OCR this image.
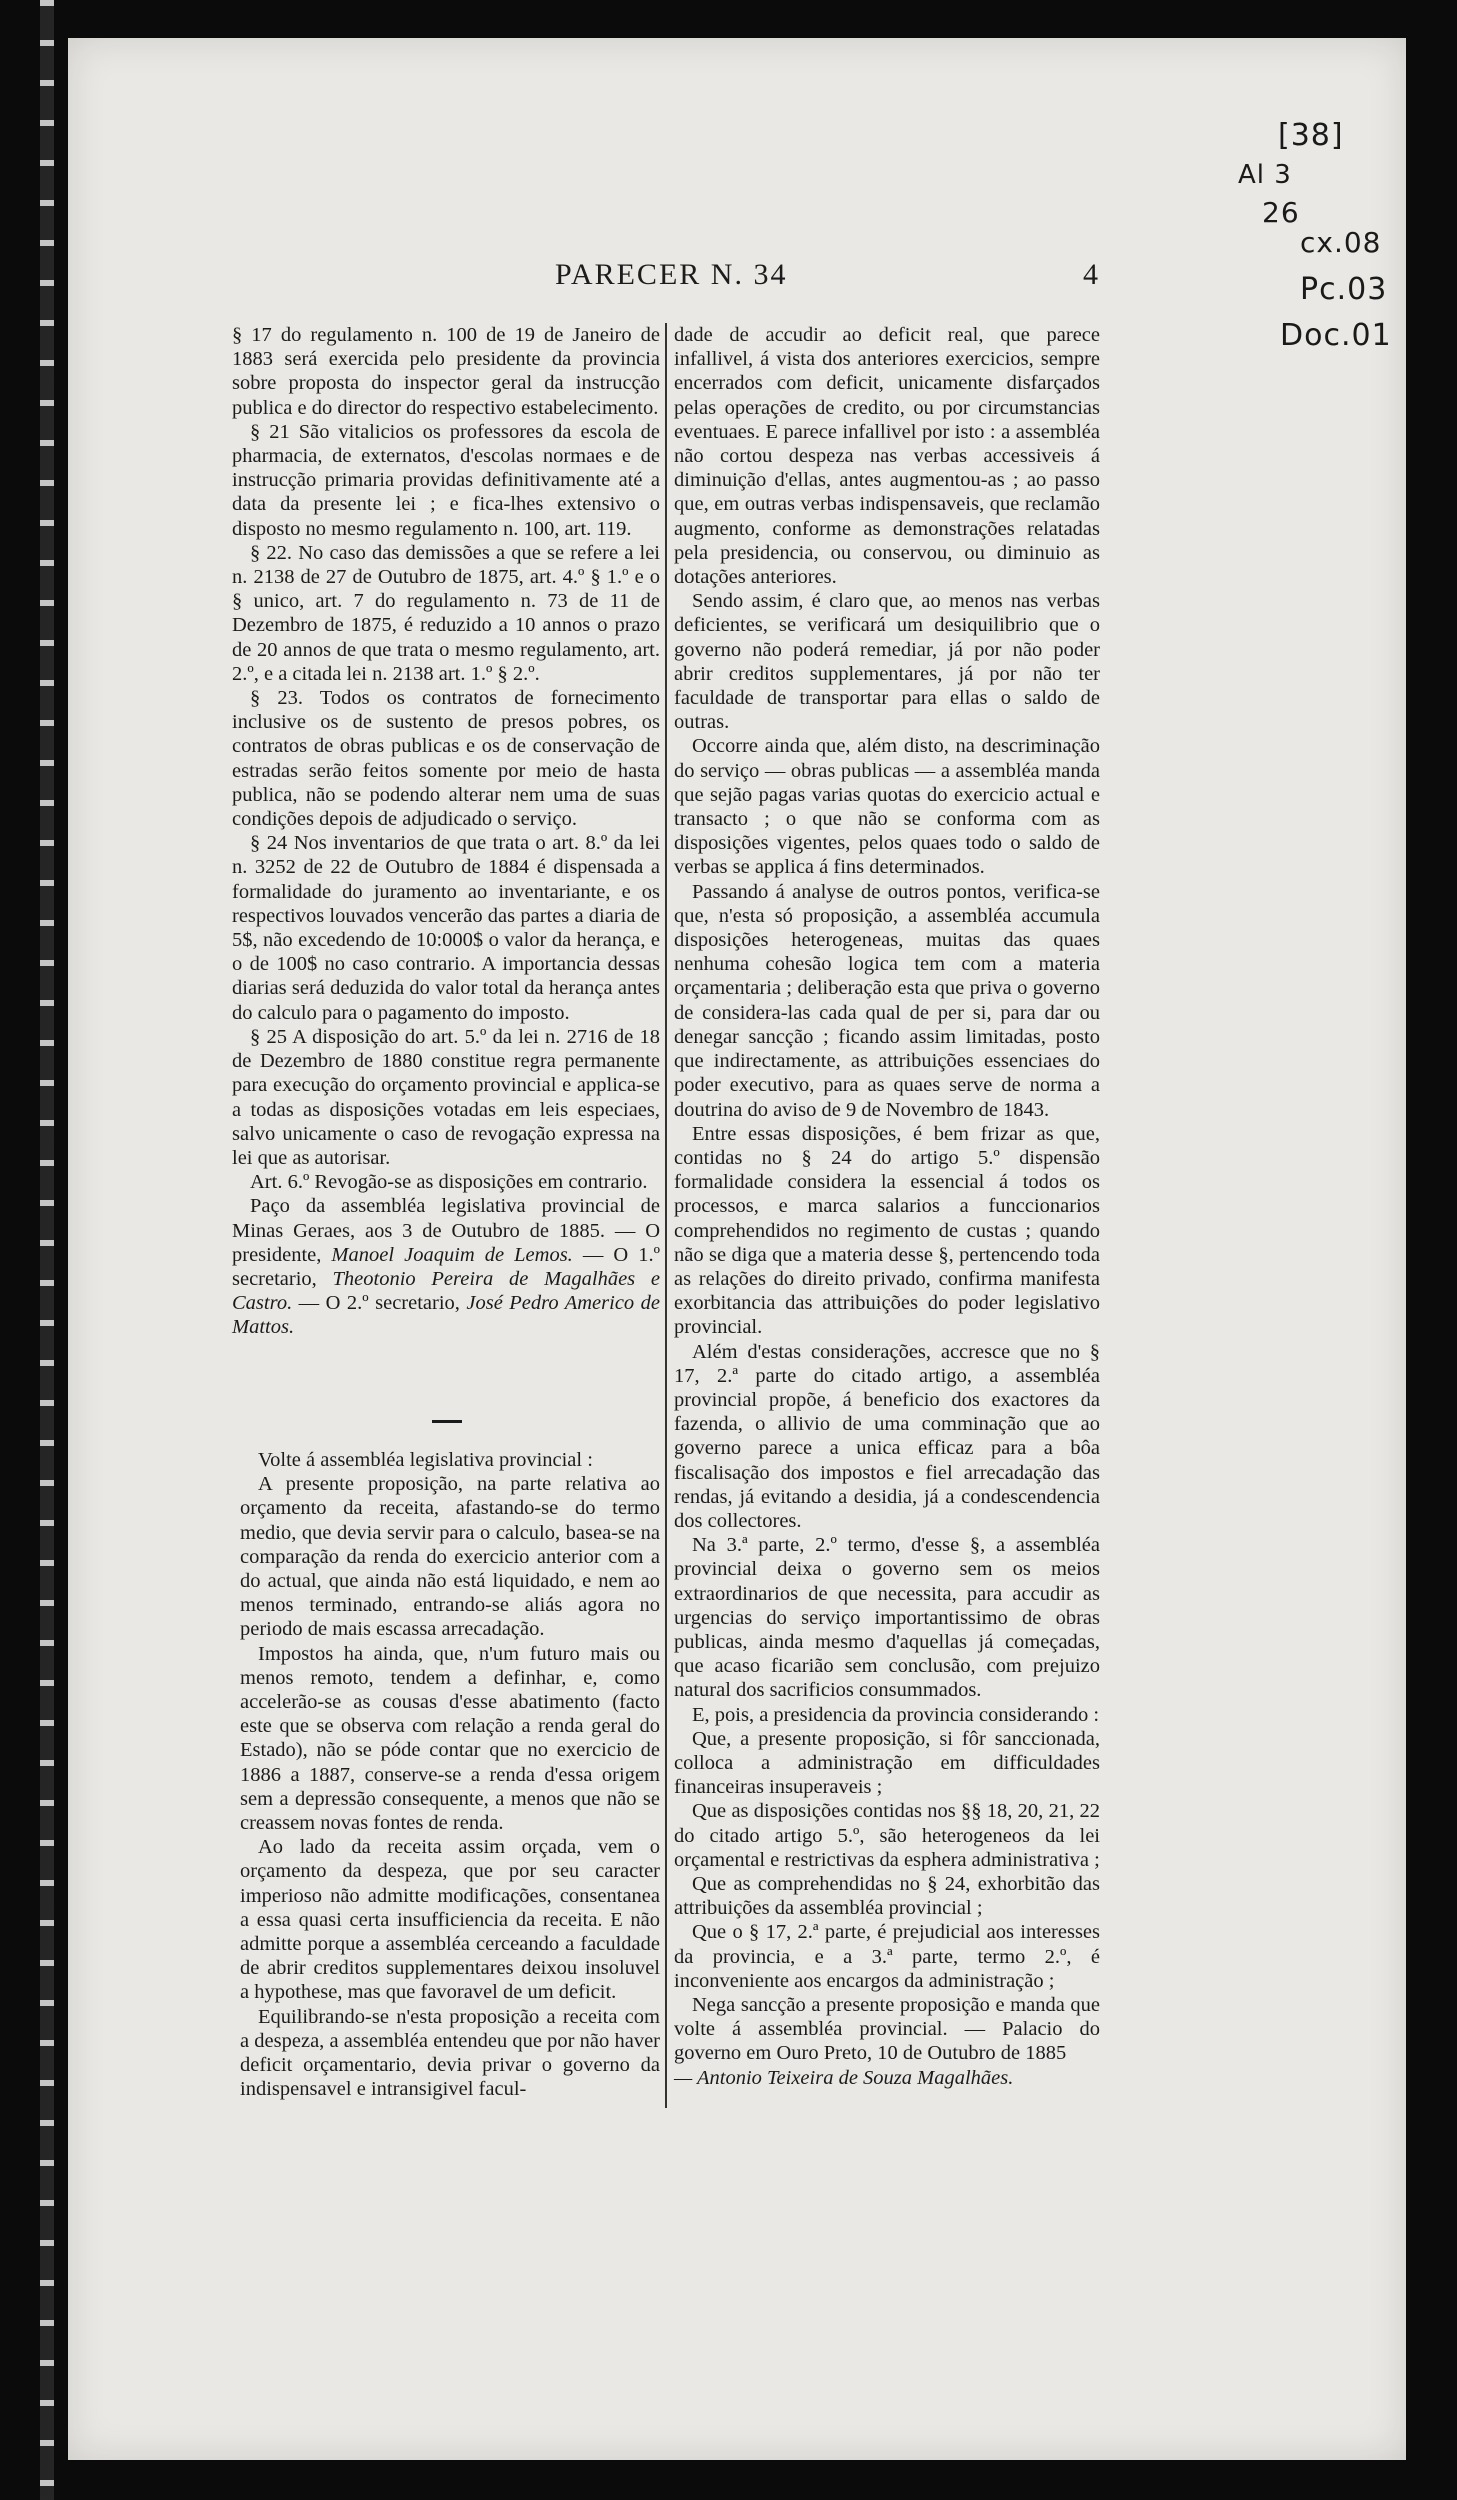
[38]
Al 3
26
cx.08
Pc.03
Doc.01
PARECER N. 34	4

§ 17 do regulamento n. 100 de 19 de Janeiro de 1883 será exercida pelo presidente da provincia sobre proposta do inspector geral da instrucção publica e do director do respectivo estabelecimento.

§ 21 São vitalicios os professores da escola de pharmacia, de externatos, d'escolas normaes e de instrucção primaria providas definitivamente até a data da presente lei ; e fica-lhes extensivo o disposto no mesmo regulamento n. 100, art. 119.

§ 22. No caso das demissões a que se refere a lei n. 2138 de 27 de Outubro de 1875, art. 4.º § 1.º e o § unico, art. 7 do regulamento n. 73 de 11 de Dezembro de 1875, é reduzido a 10 annos o prazo de 20 annos de que trata o mesmo regulamento, art. 2.º, e a citada lei n. 2138 art. 1.º § 2.º.

§ 23. Todos os contratos de fornecimento inclusive os de sustento de presos pobres, os contratos de obras publicas e os de conservação de estradas serão feitos somente por meio de hasta publica, não se podendo alterar nem uma de suas condições depois de adjudicado o serviço.

§ 24 Nos inventarios de que trata o art. 8.º da lei n. 3252 de 22 de Outubro de 1884 é dispensada a formalidade do juramento ao inventariante, e os respectivos louvados vencerão das partes a diaria de 5$, não excedendo de 10:000$ o valor da herança, e o de 100$ no caso contrario. A importancia dessas diarias será deduzida do valor total da herança antes do calculo para o pagamento do imposto.

§ 25 A disposição do art. 5.º da lei n. 2716 de 18 de Dezembro de 1880 constitue regra permanente para execução do orçamento provincial e applica-se a todas as disposições votadas em leis especiaes, salvo unicamente o caso de revogação expressa na lei que as autorisar.

Art. 6.º Revogão-se as disposições em contrario.

Paço da assembléa legislativa provincial de Minas Geraes, aos 3 de Outubro de 1885. — O presidente, Manoel Joaquim de Lemos. — O 1.º secretario, Theotonio Pereira de Magalhães e Castro. — O 2.º secretario, José Pedro Americo de Mattos.

Volte á assembléa legislativa provincial :

A presente proposição, na parte relativa ao orçamento da receita, afastando-se do termo medio, que devia servir para o calculo, basea-se na comparação da renda do exercicio anterior com a do actual, que ainda não está liquidado, e nem ao menos terminado, entrando-se aliás agora no periodo de mais escassa arrecadação.

Impostos ha ainda, que, n'um futuro mais ou menos remoto, tendem a definhar, e, como accelerão-se as cousas d'esse abatimento (facto este que se observa com relação a renda geral do Estado), não se póde contar que no exercicio de 1886 a 1887, conserve-se a renda d'essa origem sem a depressão consequente, a menos que não se creassem novas fontes de renda.

Ao lado da receita assim orçada, vem o orçamento da despeza, que por seu caracter imperioso não admitte modificações, consentanea a essa quasi certa insufficiencia da receita. E não admitte porque a assembléa cerceando a faculdade de abrir creditos supplementares deixou insoluvel a hypothese, mas que favoravel de um deficit.

Equilibrando-se n'esta proposição a receita com a despeza, a assembléa entendeu que por não haver deficit orçamentario, devia privar o governo da indispensavel e intransigivel facul-

dade de accudir ao deficit real, que parece infallivel, á vista dos anteriores exercicios, sempre encerrados com deficit, unicamente disfarçados pelas operações de credito, ou por circumstancias eventuaes. E parece infallivel por isto : a assembléa não cortou despeza nas verbas accessiveis á diminuição d'ellas, antes augmentou-as ; ao passo que, em outras verbas indispensaveis, que reclamão augmento, conforme as demonstrações relatadas pela presidencia, ou conservou, ou diminuio as dotações anteriores.

Sendo assim, é claro que, ao menos nas verbas deficientes, se verificará um desiquilibrio que o governo não poderá remediar, já por não poder abrir creditos supplementares, já por não ter faculdade de transportar para ellas o saldo de outras.

Occorre ainda que, além disto, na descriminação do serviço — obras publicas — a assembléa manda que sejão pagas varias quotas do exercicio actual e transacto ; o que não se conforma com as disposições vigentes, pelos quaes todo o saldo de verbas se applica á fins determinados.

Passando á analyse de outros pontos, verifica-se que, n'esta só proposição, a assembléa accumula disposições heterogeneas, muitas das quaes nenhuma cohesão logica tem com a materia orçamentaria ; deliberação esta que priva o governo de considera-las cada qual de per si, para dar ou denegar sancção ; ficando assim limitadas, posto que indirectamente, as attribuições essenciaes do poder executivo, para as quaes serve de norma a doutrina do aviso de 9 de Novembro de 1843.

Entre essas disposições, é bem frizar as que, contidas no § 24 do artigo 5.º dispensão formalidade considera la essencial á todos os processos, e marca salarios a funccionarios comprehendidos no regimento de custas ; quando não se diga que a materia desse §, pertencendo toda as relações do direito privado, confirma manifesta exorbitancia das attribuições do poder legislativo provincial.

Além d'estas considerações, accresce que no § 17, 2.ª parte do citado artigo, a assembléa provincial propõe, á beneficio dos exactores da fazenda, o allivio de uma comminação que ao governo parece a unica efficaz para a bôa fiscalisação dos impostos e fiel arrecadação das rendas, já evitando a desidia, já a condescendencia dos collectores.

Na 3.ª parte, 2.º termo, d'esse §, a assembléa provincial deixa o governo sem os meios extraordinarios de que necessita, para accudir as urgencias do serviço importantissimo de obras publicas, ainda mesmo d'aquellas já começadas, que acaso ficarião sem conclusão, com prejuizo natural dos sacrificios consummados.

E, pois, a presidencia da provincia considerando :

Que, a presente proposição, si fôr sanccionada, colloca a administração em difficuldades financeiras insuperaveis ;

Que as disposições contidas nos §§ 18, 20, 21, 22 do citado artigo 5.º, são heterogeneos da lei orçamental e restrictivas da esphera administrativa ;

Que as comprehendidas no § 24, exhorbitão das attribuições da assembléa provincial ;

Que o § 17, 2.ª parte, é prejudicial aos interesses da provincia, e a 3.ª parte, termo 2.º, é inconveniente aos encargos da administração ;

Nega sancção a presente proposição e manda que volte á assembléa provincial. — Palacio do governo em Ouro Preto, 10 de Outubro de 1885

— Antonio Teixeira de Souza Magalhães.
